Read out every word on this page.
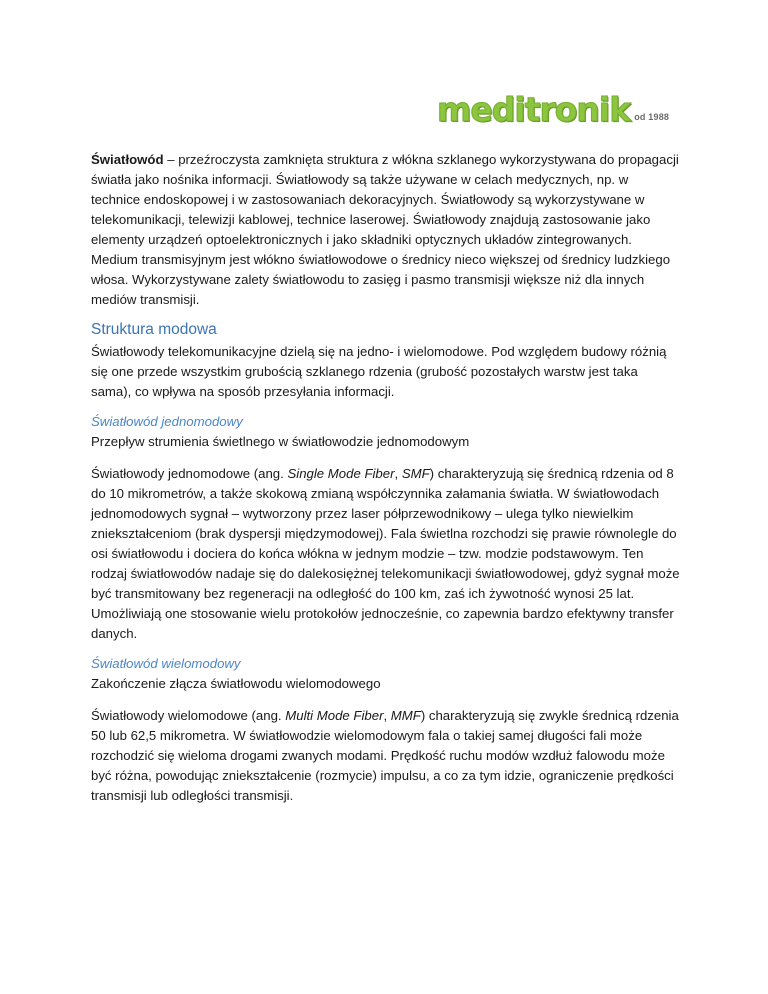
meditronik od 1988

Światłowód – przeźroczysta zamknięta struktura z włókna szklanego wykorzystywana do propagacji światła jako nośnika informacji. Światłowody są także używane w celach medycznych, np. w technice endoskopowej i w zastosowaniach dekoracyjnych. Światłowody są wykorzystywane w telekomunikacji, telewizji kablowej, technice laserowej. Światłowody znajdują zastosowanie jako elementy urządzeń optoelektronicznych i jako składniki optycznych układów zintegrowanych. Medium transmisyjnym jest włókno światłowodowe o średnicy nieco większej od średnicy ludzkiego włosa. Wykorzystywane zalety światłowodu to zasięg i pasmo transmisji większe niż dla innych mediów transmisji.

Struktura modowa

Światłowody telekomunikacyjne dzielą się na jedno- i wielomodowe. Pod względem budowy różnią się one przede wszystkim grubością szklanego rdzenia (grubość pozostałych warstw jest taka sama), co wpływa na sposób przesyłania informacji.

Światłowód jednomodowy

Przepływ strumienia świetlnego w światłowodzie jednomodowym

Światłowody jednomodowe (ang. Single Mode Fiber, SMF) charakteryzują się średnicą rdzenia od 8 do 10 mikrometrów, a także skokową zmianą współczynnika załamania światła. W światłowodach jednomodowych sygnał – wytworzony przez laser półprzewodnikowy – ulega tylko niewielkim zniekształceniom (brak dyspersji międzymodowej). Fala świetlna rozchodzi się prawie równolegle do osi światłowodu i dociera do końca włókna w jednym modzie – tzw. modzie podstawowym. Ten rodzaj światłowodów nadaje się do dalekosiężnej telekomunikacji światłowodowej, gdyż sygnał może być transmitowany bez regeneracji na odległość do 100 km, zaś ich żywotność wynosi 25 lat. Umożliwiają one stosowanie wielu protokołów jednocześnie, co zapewnia bardzo efektywny transfer danych.

Światłowód wielomodowy

Zakończenie złącza światłowodu wielomodowego

Światłowody wielomodowe (ang. Multi Mode Fiber, MMF) charakteryzują się zwykle średnicą rdzenia 50 lub 62,5 mikrometra. W światłowodzie wielomodowym fala o takiej samej długości fali może rozchodzić się wieloma drogami zwanych modami. Prędkość ruchu modów wzdłuż falowodu może być różna, powodując zniekształcenie (rozmycie) impulsu, a co za tym idzie, ograniczenie prędkości transmisji lub odległości transmisji.
